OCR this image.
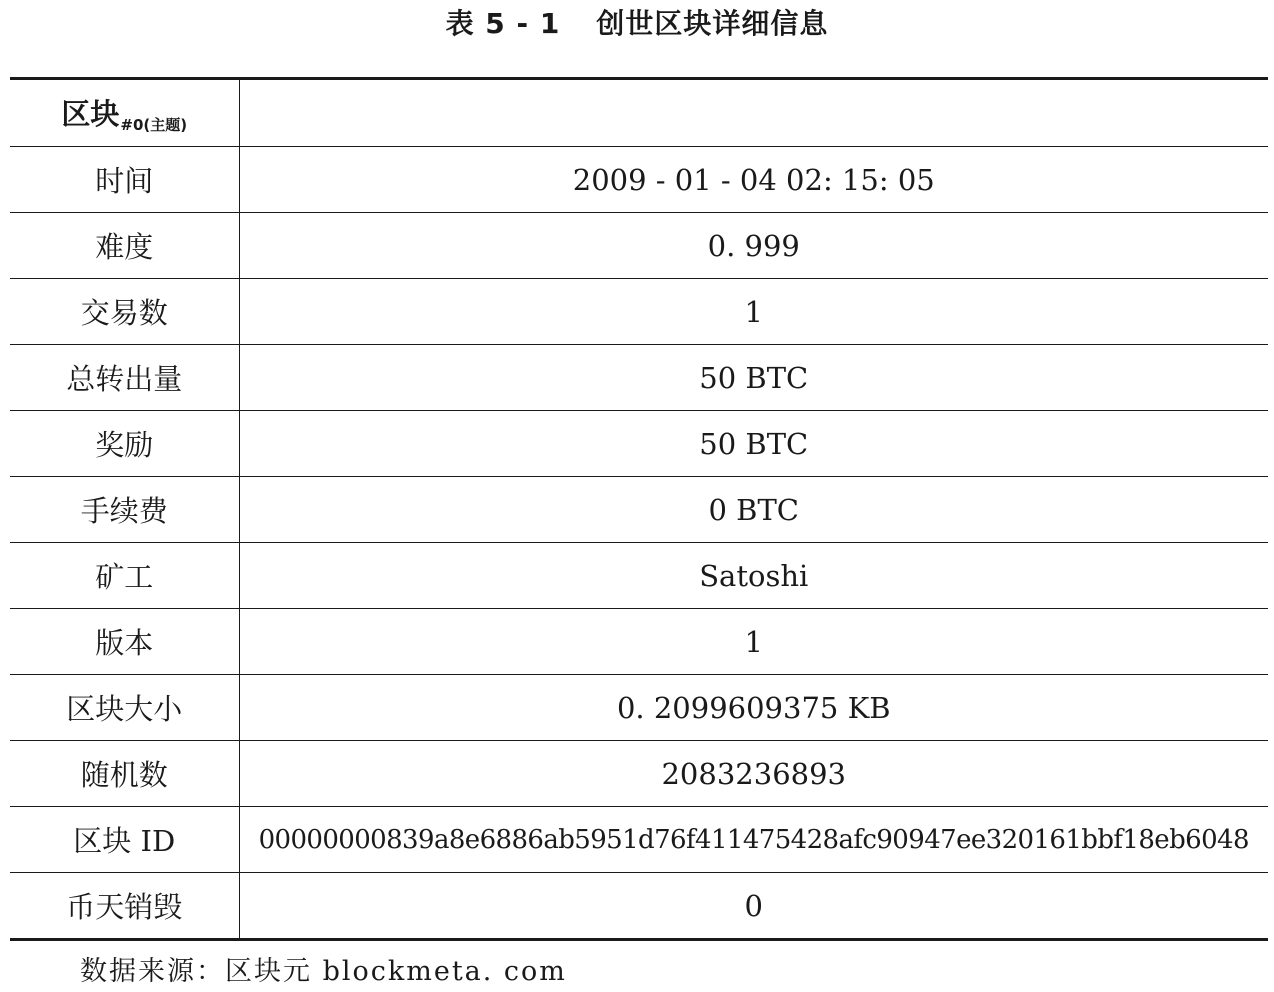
表 5 - 1 创世区块详细信息
区块$_{\#0(主题)}$	
时间	2009 - 01 - 04 02: 15: 05
难度	0. 999
交易数	1
总转出量	50 BTC
奖励	50 BTC
手续费	0 BTC
矿工	Satoshi
版本	1
区块大小	0. 2099609375 KB
随机数	2083236893
区块 ID	00000000839a8e6886ab5951d76f411475428afc90947ee320161bbf18eb6048
币天销毁	0
数据来源：区块元 blockmeta. com
